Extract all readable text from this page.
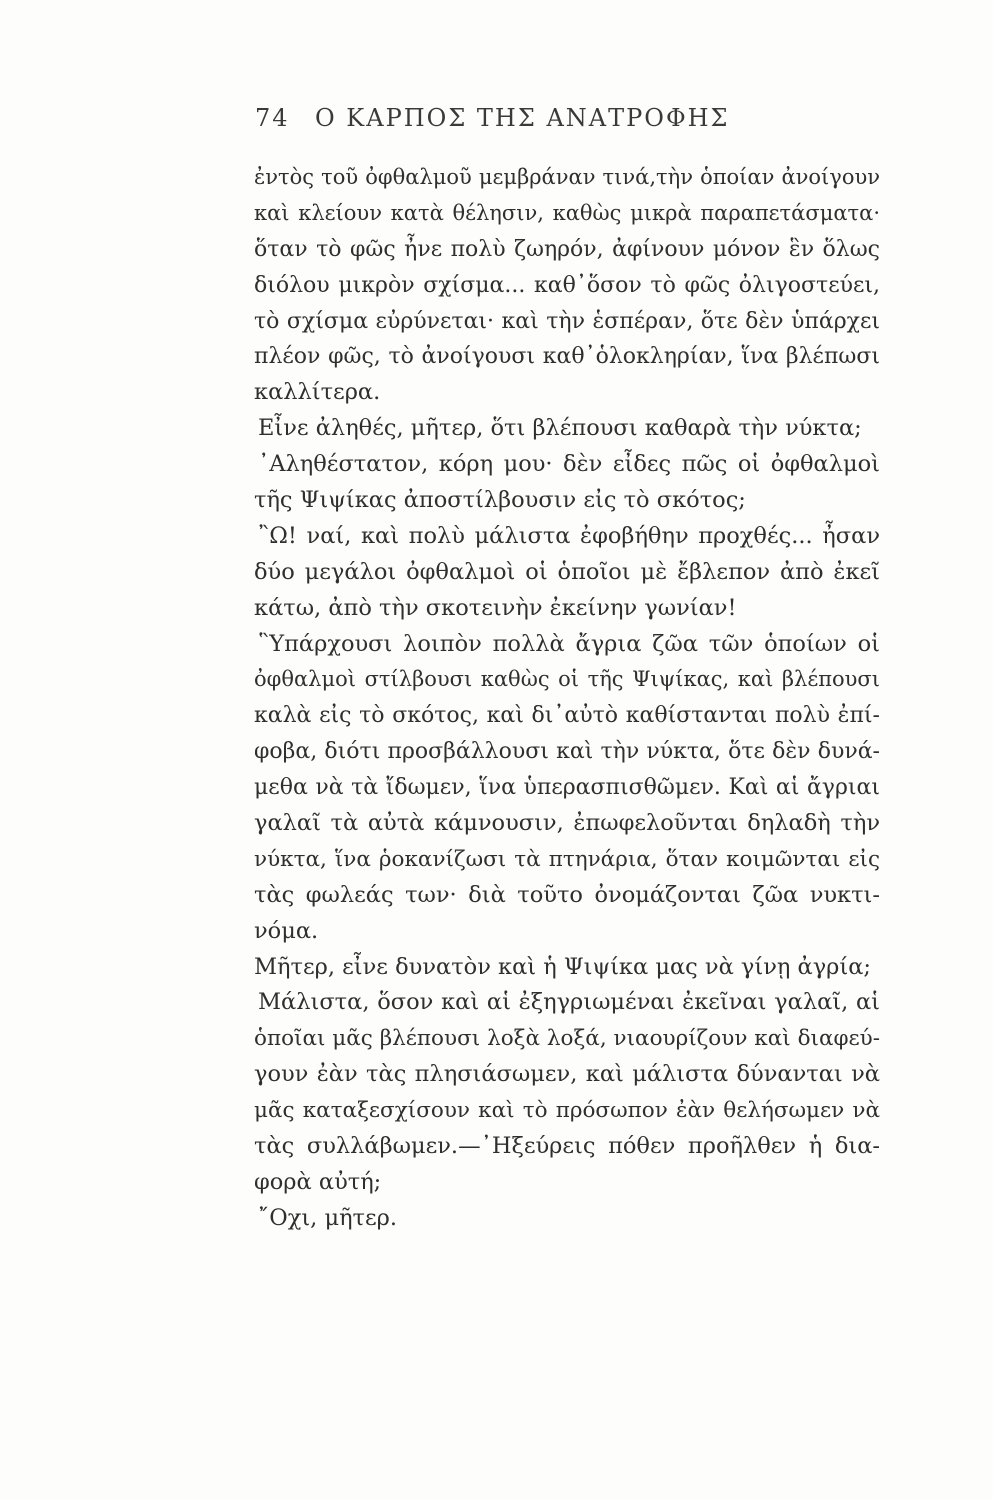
74 Ο ΚΑΡΠΟΣ ΤΗΣ ΑΝΑΤΡΟΦΗΣ
ἐντὸς τοῦ ὀφθαλμοῦ μεμβράναν τινά,τὴν ὁποίαν ἀνοίγουν
καὶ κλείουν κατὰ θέλησιν, καθὼς μικρὰ παραπετάσματα·
ὅταν τὸ φῶς ἦνε πολὺ ζωηρόν, ἀφίνουν μόνον ἓν ὅλως
διόλου μικρὸν σχίσμα... καθ᾽ὅσον τὸ φῶς ὀλιγοστεύει,
τὸ σχίσμα εὐρύνεται· καὶ τὴν ἑσπέραν, ὅτε δὲν ὑπάρχει
πλέον φῶς, τὸ ἀνοίγουσι καθ᾽ὁλοκληρίαν, ἵνα βλέπωσι
καλλίτερα.
Εἶνε ἀληθές, μῆτερ, ὅτι βλέπουσι καθαρὰ τὴν νύκτα;
᾽Αληθέστατον, κόρη μου· δὲν εἶδες πῶς οἱ ὀφθαλμοὶ
τῆς Ψιψίκας ἀποστίλβουσιν εἰς τὸ σκότος;
῍Ω! ναί, καὶ πολὺ μάλιστα ἐφοβήθην προχθές... ἦσαν
δύο μεγάλοι ὀφθαλμοὶ οἱ ὁποῖοι μὲ ἔβλεπον ἀπὸ ἐκεῖ
κάτω, ἀπὸ τὴν σκοτεινὴν ἐκείνην γωνίαν!
῝Υπάρχουσι λοιπὸν πολλὰ ἄγρια ζῶα τῶν ὁποίων οἱ
ὀφθαλμοὶ στίλβουσι καθὼς οἱ τῆς Ψιψίκας, καὶ βλέπουσι
καλὰ εἰς τὸ σκότος, καὶ δι᾽αὐτὸ καθίστανται πολὺ ἐπί-
φοβα, διότι προσβάλλουσι καὶ τὴν νύκτα, ὅτε δὲν δυνά-
μεθα νὰ τὰ ἴδωμεν, ἵνα ὑπερασπισθῶμεν. Καὶ αἱ ἄγριαι
γαλαῖ τὰ αὐτὰ κάμνουσιν, ἐπωφελοῦνται δηλαδὴ τὴν
νύκτα, ἵνα ῥοκανίζωσι τὰ πτηνάρια, ὅταν κοιμῶνται εἰς
τὰς φωλεάς των· διὰ τοῦτο ὀνομάζονται ζῶα νυκτι-
νόμα.
Μῆτερ, εἶνε δυνατὸν καὶ ἡ Ψιψίκα μας νὰ γίνῃ ἀγρία;
Μάλιστα, ὅσον καὶ αἱ ἐξηγριωμέναι ἐκεῖναι γαλαῖ, αἱ
ὁποῖαι μᾶς βλέπουσι λοξὰ λοξά, νιαουρίζουν καὶ διαφεύ-
γουν ἐὰν τὰς πλησιάσωμεν, καὶ μάλιστα δύνανται νὰ
μᾶς καταξεσχίσουν καὶ τὸ πρόσωπον ἐὰν θελήσωμεν νὰ
τὰς συλλάβωμεν.—᾽Ηξεύρεις πόθεν προῆλθεν ἡ δια-
φορὰ αὐτή;
῎Οχι, μῆτερ.
